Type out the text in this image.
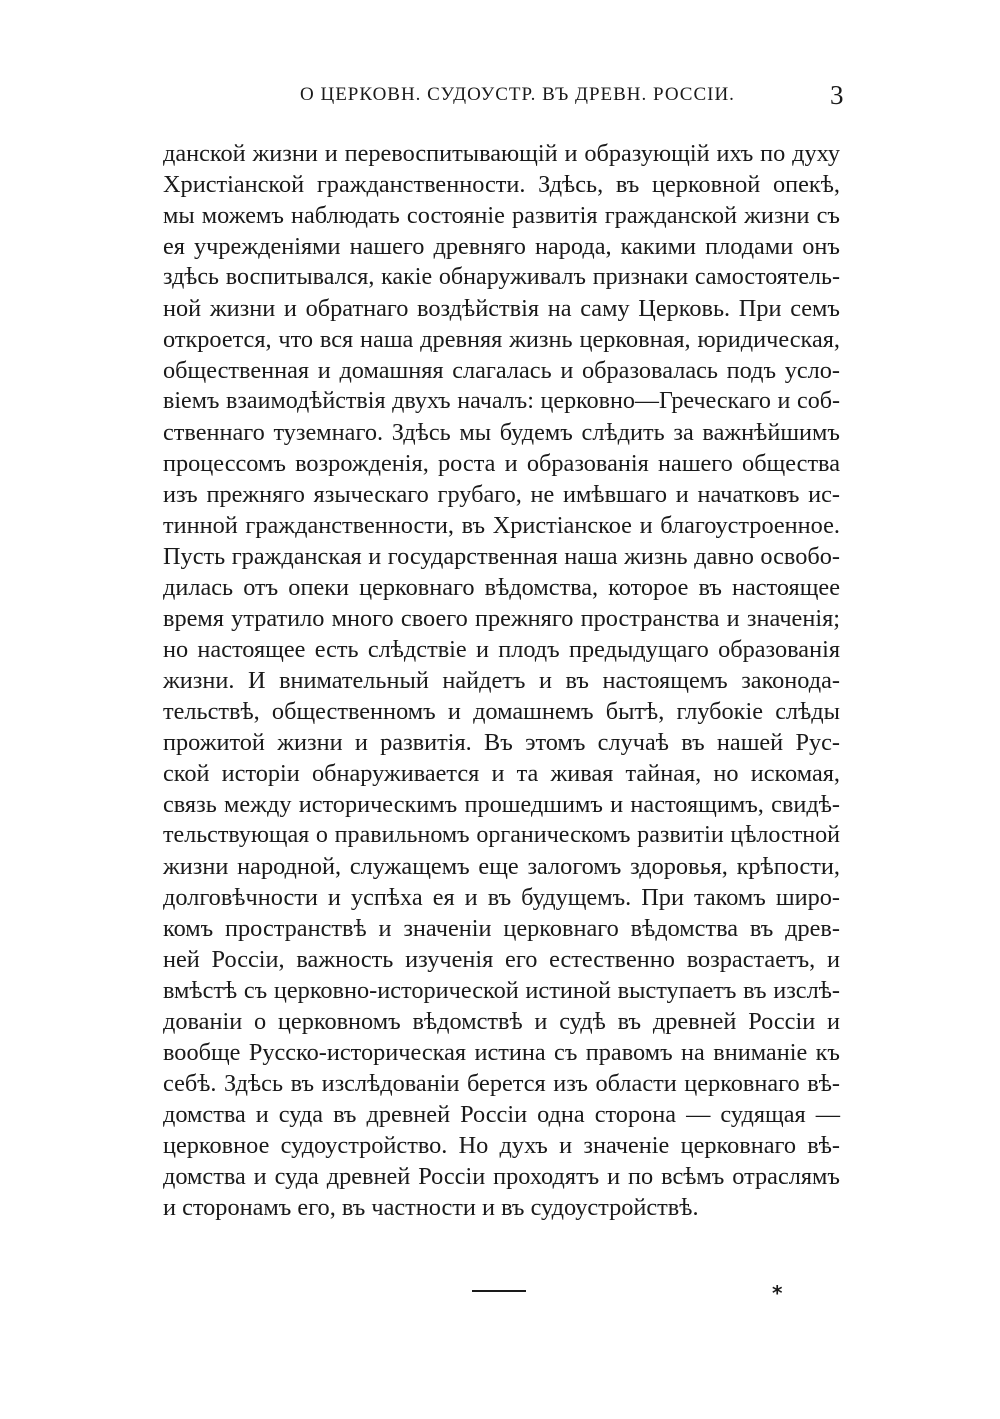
О ЦЕРКОВН. СУДОУСТР. ВЪ ДРЕВН. РОССІИ.	3
данской жизни и перевоспитывающій и образующій ихъ по духу
Христіанской гражданственности. Здѣсь, въ церковной опекѣ,
мы можемъ наблюдать состояніе развитія гражданской жизни съ
ея учрежденіями нашего древняго народа, какими плодами онъ
здѣсь воспитывался, какіе обнаруживалъ признаки самостоятель-
ной жизни и обратнаго воздѣйствія на саму Церковь. При семъ
откроется, что вся наша древняя жизнь церковная, юридическая,
общественная и домашняя слагалась и образовалась подъ усло-
віемъ взаимодѣйствія двухъ началъ: церковно—Греческаго и соб-
ственнаго туземнаго. Здѣсь мы будемъ слѣдить за важнѣйшимъ
процессомъ возрожденія, роста и образованія нашего общества
изъ прежняго языческаго грубаго, не имѣвшаго и начатковъ ис-
тинной гражданственности, въ Христіанское и благоустроенное.
Пусть гражданская и государственная наша жизнь давно освобо-
дилась отъ опеки церковнаго вѣдомства, которое въ настоящее
время утратило много своего прежняго пространства и значенія;
но настоящее есть слѣдствіе и плодъ предыдущаго образованія
жизни. И внимательный найдетъ и въ настоящемъ законода-
тельствѣ, общественномъ и домашнемъ бытѣ, глубокіе слѣды
прожитой жизни и развитія. Въ этомъ случаѣ въ нашей Рус-
ской исторіи обнаруживается и та живая тайная, но искомая,
связь между историческимъ прошедшимъ и настоящимъ, свидѣ-
тельствующая о правильномъ органическомъ развитіи цѣлостной
жизни народной, служащемъ еще залогомъ здоровья, крѣпости,
долговѣчности и успѣха ея и въ будущемъ. При такомъ широ-
комъ пространствѣ и значеніи церковнаго вѣдомства въ древ-
ней Россіи, важность изученія его естественно возрастаетъ, и
вмѣстѣ съ церковно-исторической истиной выступаетъ въ изслѣ-
дованіи о церковномъ вѣдомствѣ и судѣ въ древней Россіи и
вообще Русско-историческая истина съ правомъ на вниманіе къ
себѣ. Здѣсь въ изслѣдованіи берется изъ области церковнаго вѣ-
домства и суда въ древней Россіи одна сторона — судящая —
церковное судоустройство. Но духъ и значеніе церковнаго вѣ-
домства и суда древней Россіи проходятъ и по всѣмъ отраслямъ
и сторонамъ его, въ частности и въ судоустройствѣ.
*
